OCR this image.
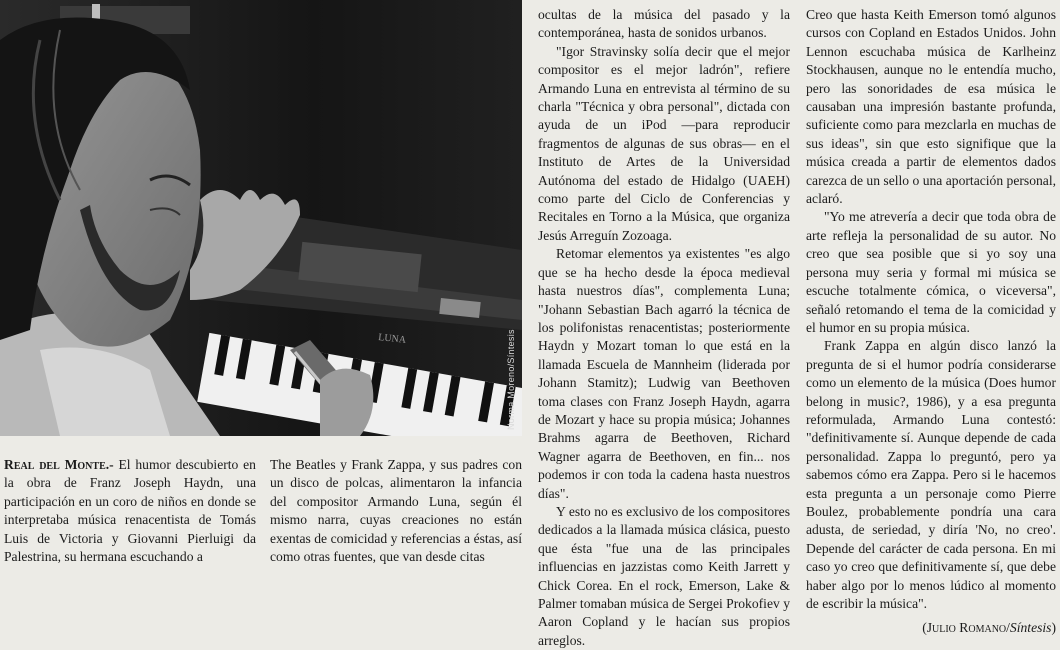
LUNA	Norma Moreno/Síntesis

Real del Monte.- El humor descubierto en la obra de Franz Joseph Haydn, una participación en un coro de niños en donde se interpretaba música renacentista de Tomás Luis de Victoria y Giovanni Pierluigi da Palestrina, su hermana escuchando a

The Beatles y Frank Zappa, y sus padres con un disco de polcas, alimentaron la infancia del compositor Armando Luna, según él mismo narra, cuyas creaciones no están exentas de comicidad y referencias a éstas, así como otras fuentes, que van desde citas

ocultas de la música del pasado y la contemporánea, hasta de sonidos urbanos.

"Igor Stravinsky solía decir que el mejor compositor es el mejor ladrón", refiere Armando Luna en entrevista al término de su charla "Técnica y obra personal", dictada con ayuda de un iPod —para reproducir fragmentos de algunas de sus obras— en el Instituto de Artes de la Universidad Autónoma del estado de Hidalgo (UAEH) como parte del Ciclo de Conferencias y Recitales en Torno a la Música, que organiza Jesús Arreguín Zozoaga.

Retomar elementos ya existentes "es algo que se ha hecho desde la época medieval hasta nuestros días", complementa Luna; "Johann Sebastian Bach agarró la técnica de los polifonistas renacentistas; posteriormente Haydn y Mozart toman lo que está en la llamada Escuela de Mannheim (liderada por Johann Stamitz); Ludwig van Beethoven toma clases con Franz Joseph Haydn, agarra de Mozart y hace su propia música; Johannes Brahms agarra de Beethoven, Richard Wagner agarra de Beethoven, en fin... nos podemos ir con toda la cadena hasta nuestros días".

Y esto no es exclusivo de los compositores dedicados a la llamada música clásica, puesto que ésta "fue una de las principales influencias en jazzistas como Keith Jarrett y Chick Corea. En el rock, Emerson, Lake & Palmer tomaban música de Sergei Prokofiev y Aaron Copland y le hacían sus propios arreglos.

Creo que hasta Keith Emerson tomó algunos cursos con Copland en Estados Unidos. John Lennon escuchaba música de Karlheinz Stockhausen, aunque no le entendía mucho, pero las sonoridades de esa música le causaban una impresión bastante profunda, suficiente como para mezclarla en muchas de sus ideas", sin que esto signifique que la música creada a partir de elementos dados carezca de un sello o una aportación personal, aclaró.

"Yo me atrevería a decir que toda obra de arte refleja la personalidad de su autor. No creo que sea posible que si yo soy una persona muy seria y formal mi música se escuche totalmente cómica, o viceversa", señaló retomando el tema de la comicidad y el humor en su propia música.

Frank Zappa en algún disco lanzó la pregunta de si el humor podría considerarse como un elemento de la música (Does humor belong in music?, 1986), y a esa pregunta reformulada, Armando Luna contestó: "definitivamente sí. Aunque depende de cada personalidad. Zappa lo preguntó, pero ya sabemos cómo era Zappa. Pero si le hacemos esta pregunta a un personaje como Pierre Boulez, probablemente pondría una cara adusta, de seriedad, y diría 'No, no creo'. Depende del carácter de cada persona. En mi caso yo creo que definitivamente sí, que debe haber algo por lo menos lúdico al momento de escribir la música".

(Julio Romano/Síntesis)
